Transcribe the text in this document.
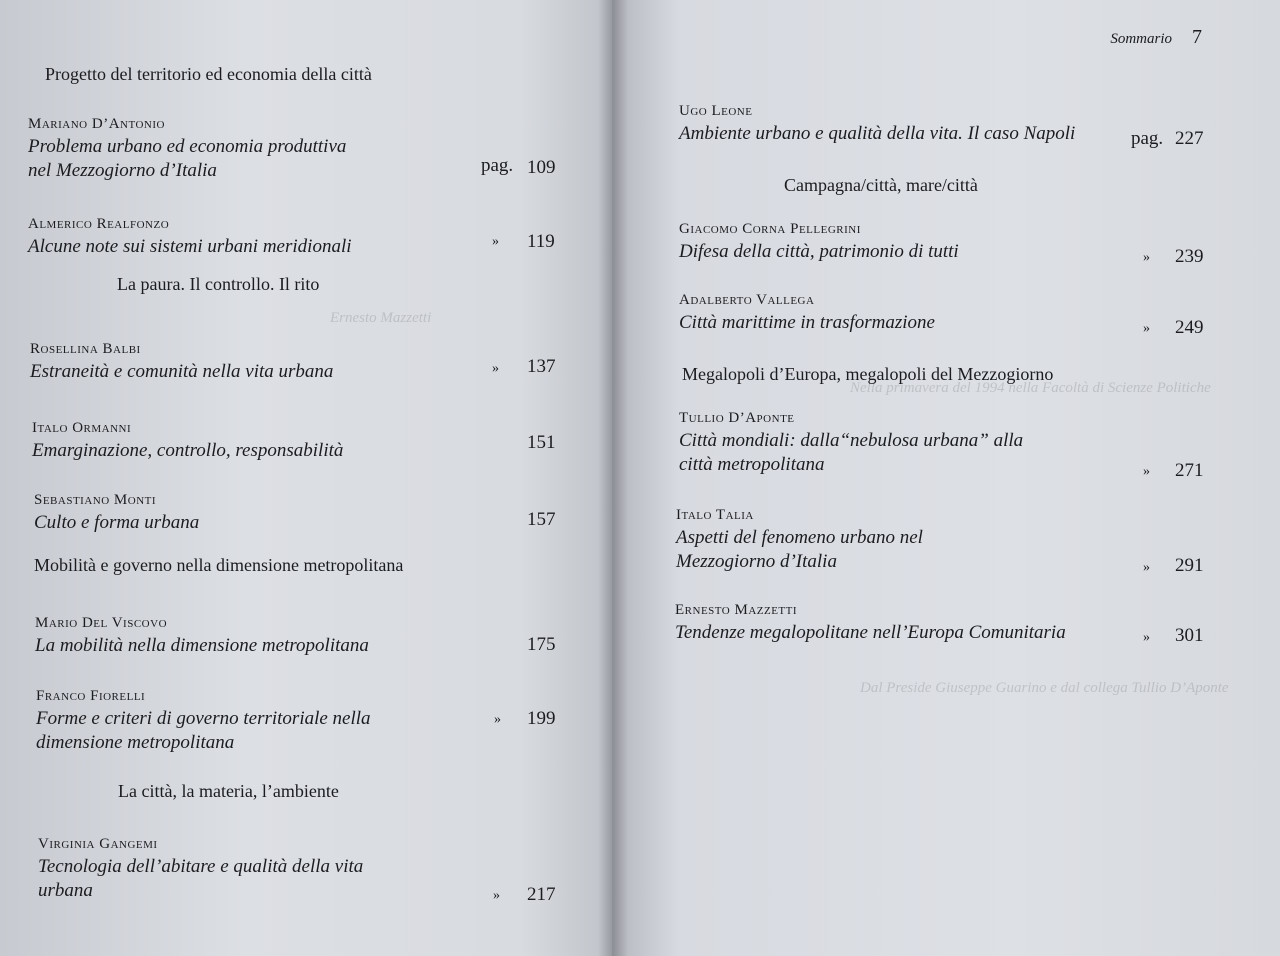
Ernesto Mazzetti
Nella primavera del 1994 nella Facoltà di Scienze Politiche
Dal Preside Giuseppe Guarino e dal collega Tullio D’Aponte
Sommario 7
Progetto del territorio ed economia della città
Mariano D’Antonio
Problema urbano ed economia produttiva
nel Mezzogiorno d’Italia	pag. 109
Almerico Realfonzo
Alcune note sui sistemi urbani meridionali	» 119
La paura. Il controllo. Il rito
Rosellina Balbi
Estraneità e comunità nella vita urbana	» 137
Italo Ormanni
Emarginazione, controllo, responsabilità	151
Sebastiano Monti
Culto e forma urbana	157
Mobilità e governo nella dimensione metropolitana
Mario Del Viscovo
La mobilità nella dimensione metropolitana	175
Franco Fiorelli
Forme e criteri di governo territoriale nella
dimensione metropolitana
» 199
La città, la materia, l’ambiente
Virginia Gangemi
Tecnologia dell’abitare e qualità della vita
urbana	» 217
Ugo Leone
Ambiente urbano e qualità della vita. Il caso Napoli	pag. 227
Campagna/città, mare/città
Giacomo Corna Pellegrini
Difesa della città, patrimonio di tutti	» 239
Adalberto Vallega
Città marittime in trasformazione	» 249
Megalopoli d’Europa, megalopoli del Mezzogiorno
Tullio D’Aponte
Città mondiali: dalla“nebulosa urbana” alla
città metropolitana	» 271
Italo Talia
Aspetti del fenomeno urbano nel
Mezzogiorno d’Italia	» 291
Ernesto Mazzetti
Tendenze megalopolitane nell’Europa Comunitaria	» 301
